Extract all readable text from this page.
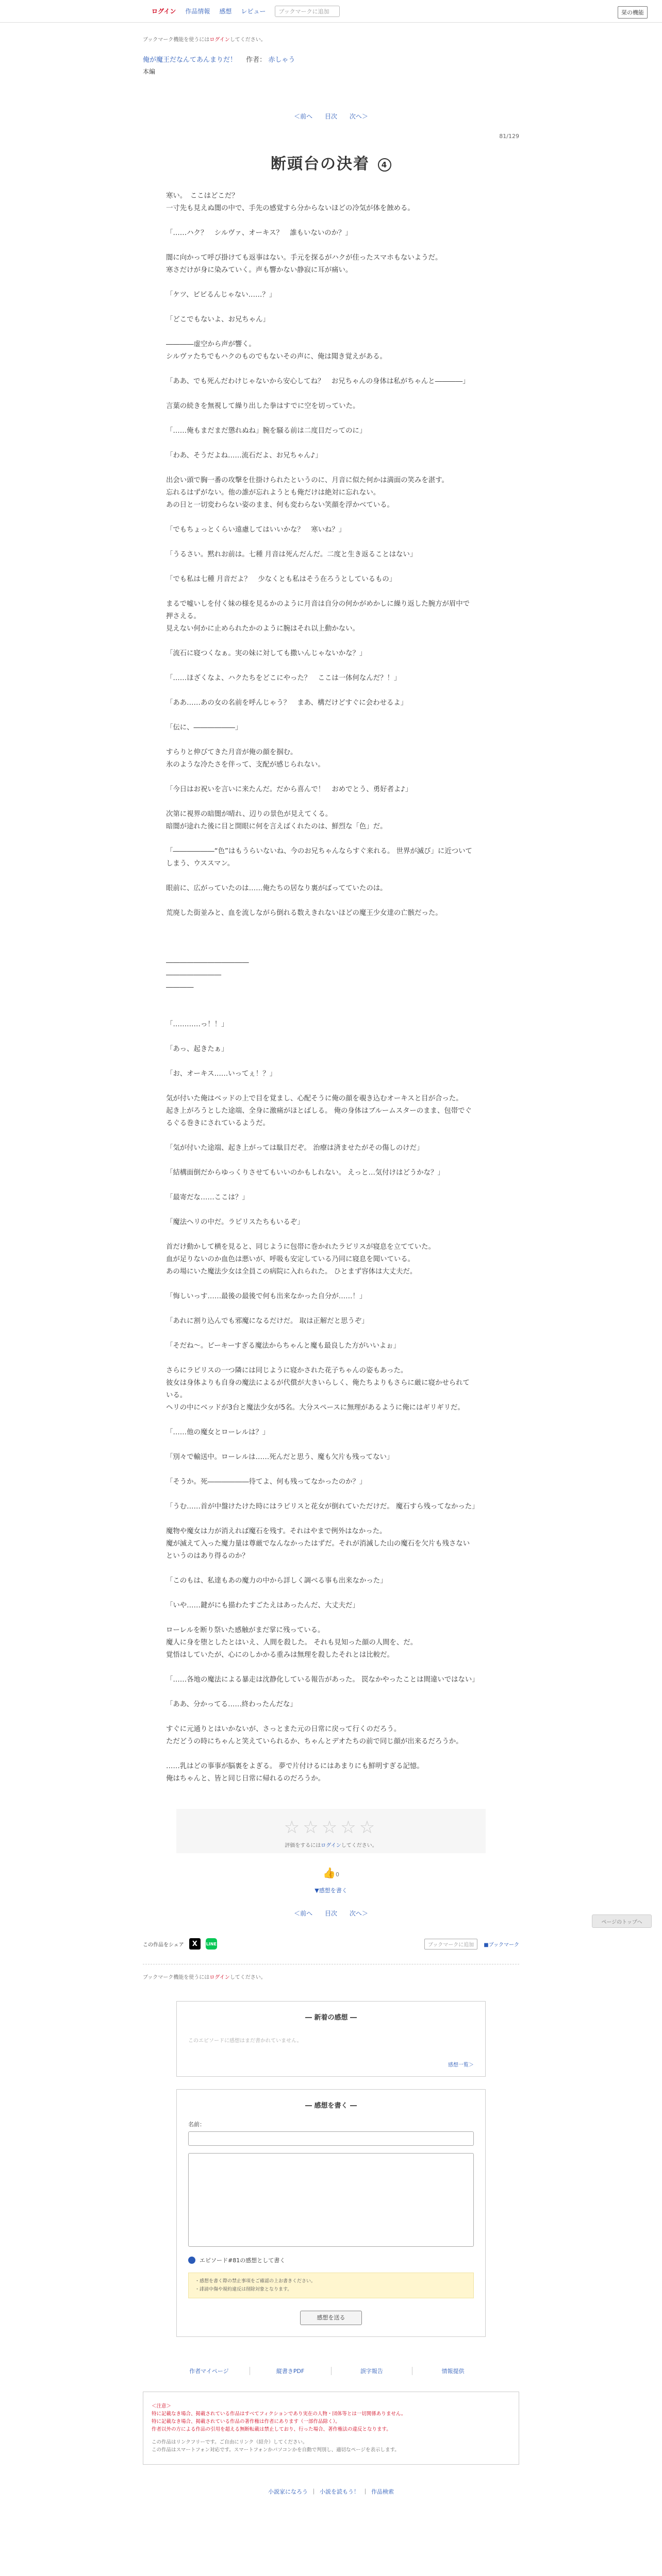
ログイン 作品情報 感想 レビュー	ブックマークに追加	栞の機能
ブックマーク機能を使うにはログインしてください。
俺が魔王だなんてあんまりだ！ 作者： 赤しゃう
本編
＜前へ 目次 次へ＞
81/129
断頭台の決着 4

寒い。　ここはどこだ？

一寸先も見えぬ闇の中で、手先の感覚すら分からないほどの冷気が体を蝕める。

「……ハク？　シルヴァ、オーキス？　誰もいないのか？」

闇に向かって呼び掛けても返事はない。手元を探るがハクが佳ったスマホもないようだ。

寒さだけが身に染みていく。声も響かない静寂に耳が痛い。

「ケツ、ビビるんじゃない……？」

「どこでもないよ、お兄ちゃん」

――――虚空から声が響く。

シルヴァたちでもハクのものでもないその声に、俺は聞き覚えがある。

「ああ、でも死んだわけじゃないから安心してね？　お兄ちゃんの身体は私がちゃんと――――」

言葉の続きを無視して繰り出した拳はすでに空を切っていた。

「……俺もまだまだ懲れぬね」腕を騒る前は二度目だってのに」

「わあ、そうだよね……流石だよ、お兄ちゃん♪」

出会い頭で胸一番の攻撃を仕掛けられたというのに、月音に似た何かは満面の笑みを湛す。

忘れるはずがない。他の誰が忘れようとも俺だけは絶対に忘れない。

あの日と一切変わらない姿のまま、何も変わらない笑顔を浮かべている。

「でもちょっとくらい遠慮してはいいかな？　寒いね？」

「うるさい。黙れお前は。七種 月音は死んだんだ。二度と生き返ることはない」

「でも私は七種 月音だよ？　少なくとも私はそう在ろうとしているもの」

まるで嘘いしを付く妹の様を見るかのように月音は自分の何かがめかしに繰り返した腕方が眉中で押さえる。

見えない何かに止められたかのように腕はそれ以上動かない。

「流石に寝つくなぁ。実の妹に対しても撒いんじゃないかな？」

「……ほざくなよ、ハクたちをどこにやった？　ここは一体何なんだ？！」

「ああ……あの女の名前を呼んじゃう？　まあ、構だけどすぐに会わせるよ」

「伝に、――――――」

すらりと伸びてきた月音が俺の顔を掴む。

氷のような冷たさを伴って、支配が感じられない。

「今日はお祝いを言いに来たんだ。だから喜んで！　おめでとう、勇好者よ♪」

次第に視界の暗闇が晴れ、辺りの景色が見えてくる。

暗闇が途れた後に目と開眼に何を言えばくれたのは、鮮烈な「色」だ。

「――――――“色”はもうらいないね、今のお兄ちゃんならすぐ来れる。 世界が滅び」に近ついてしまう、ウススマン。

眼前に、広がっていたのは……俺たちの居なり裏がばってていたのは。

荒廃した街並みと、血を流しながら倒れる数えきれないほどの魔王少女達の亡骸だった。

――――――――――――

――――――――

――――

「…………っ！！」

「あっ、起きたぁ」

「お、オーキス……いってぇ！？」

気が付いた俺はベッドの上で目を覚まし、心配そうに俺の顔を覗き込むオーキスと目が合った。

起き上がろうとした途端、全身に激痛がほとばしる。 俺の身体はブルームスターのまま、包帯でぐるぐる巻きにされているようだ。

「気が付いた途端、起き上がっては駄目だぞ。 治療は済ませたがその傷しのけだ」

「結構面倒だからゆっくりさせてもいいのかもしれない。 えっと…気付けはどうかな？」

「最寄だな……ここは？」

「魔法ヘリの中だ。ラピリスたちもいるぞ」

首だけ動かして横を見ると、同じように包帯に巻かれたラピリスが寝息を立てていた。

血が足りないのか血色は悪いが、呼吸も安定している乃同に寝息を聞いている。

あの場にいた魔法少女は全員この病院に入れられた。 ひとまず容体は大丈夫だ。

「悔しいっす……最後の最後で何も出来なかった自分が……！」

「あれに割り込んでも邪魔になるだけだ。 取は正解だと思うぞ」

「そだね～。ピーキーすぎる魔法からちゃんと魔も最良した方がいいよぉ」

さらにラピリスの一つ隣には同じように寝かされた花子ちゃんの姿もあった。

彼女は身体よりも自身の魔法によるが代償が大きいらしく、俺たちよりもさらに厳に寝かせられている。

ヘリの中にベッドが3台と魔法少女が5名。大分スペースに無理があるように俺にはギリギリだ。

「……他の魔女とローレルは？」

「別々で輸送中。ローレルは……死んだと思う、魔も欠片も残ってない」

「そうか。死――――――待てよ、何も残ってなかったのか？」

「うむ……首が中盤けたけた時にはラピリスと花女が倒れていただけだ。 魔石すら残ってなかった」

魔物や魔女は力が消えれば魔石を残す。それはやまで例外はなかった。

魔が滅えて入った魔力量は尊厳でなんなかったはずだ。それが消滅した山の魔石を欠片も残さないというのはあり得るのか？

「このもは、私達もあの魔力の中から詳しく調べる事も出来なかった」

「いや……鍵がにも描わたすごたえはあったんだ、大丈夫だ」

ローレルを断り祭いた感触がまだ掌に残っている。

魔人に身を堕としたとはいえ、人間を殺した。 それも見知った顔の人間を、だ。

覚悟はしていたが、心にのしかかる重みは無理を殺したそれとは比較だ。

「……各地の魔法による暴走は沈静化している報告があった。 罠なかやったことは間違いではない」

「ああ、分かってる……終わったんだな」

すぐに元通りとはいかないが、さっとまた元の日常に戻って行くのだろう。

ただどうの時にちゃんと笑えていられるか、ちゃんとデオたちの前で同じ顔が出来るだろうか。

……乳はどの事事が脳裏をよぎる。 夢で片付けるにはあまりにも鮮明すぎる記憶。

俺はちゃんと、皆と同じ日常に帰れるのだろうか。

☆☆☆☆☆
評価をするにはログインしてください。
👍0
▼感想を書く
＜前へ 目次 次へ＞
この作品をシェア	X	LINE	ブックマークに追加	■ブックマーク
ブックマーク機能を使うにはログインしてください。
― 新着の感想 ―
このエピソードに感想はまだ書かれていません。
感想一覧＞
― 感想を書く ―
名前：
エピソード#81の感想として書く
・感想を書く際の禁止事項をご確認の上お書きください。
・誹謗中傷や規約違反は削除対象となります。
感想を送る
作者マイページ	縦書きPDF	誤字報告	情報提供
＜注意＞
特に記載なき場合、掲載されている作品はすべてフィクションであり実在の人物・団体等とは一切関係ありません。
特に記載なき場合、掲載されている作品の著作権は作者にあります（一部作品除く）。
作者以外の方による作品の引用を超える無断転載は禁止しており、行った場合、著作権法の違反となります。
この作品はリンクフリーです。ご自由にリンク（紹介）してください。
この作品はスマートフォン対応です。スマートフォンかパソコンかを自動で判別し、適切なページを表示します。
小説家になろう ｜ 小説を読もう！ ｜ 作品検索
ページのトップへ
